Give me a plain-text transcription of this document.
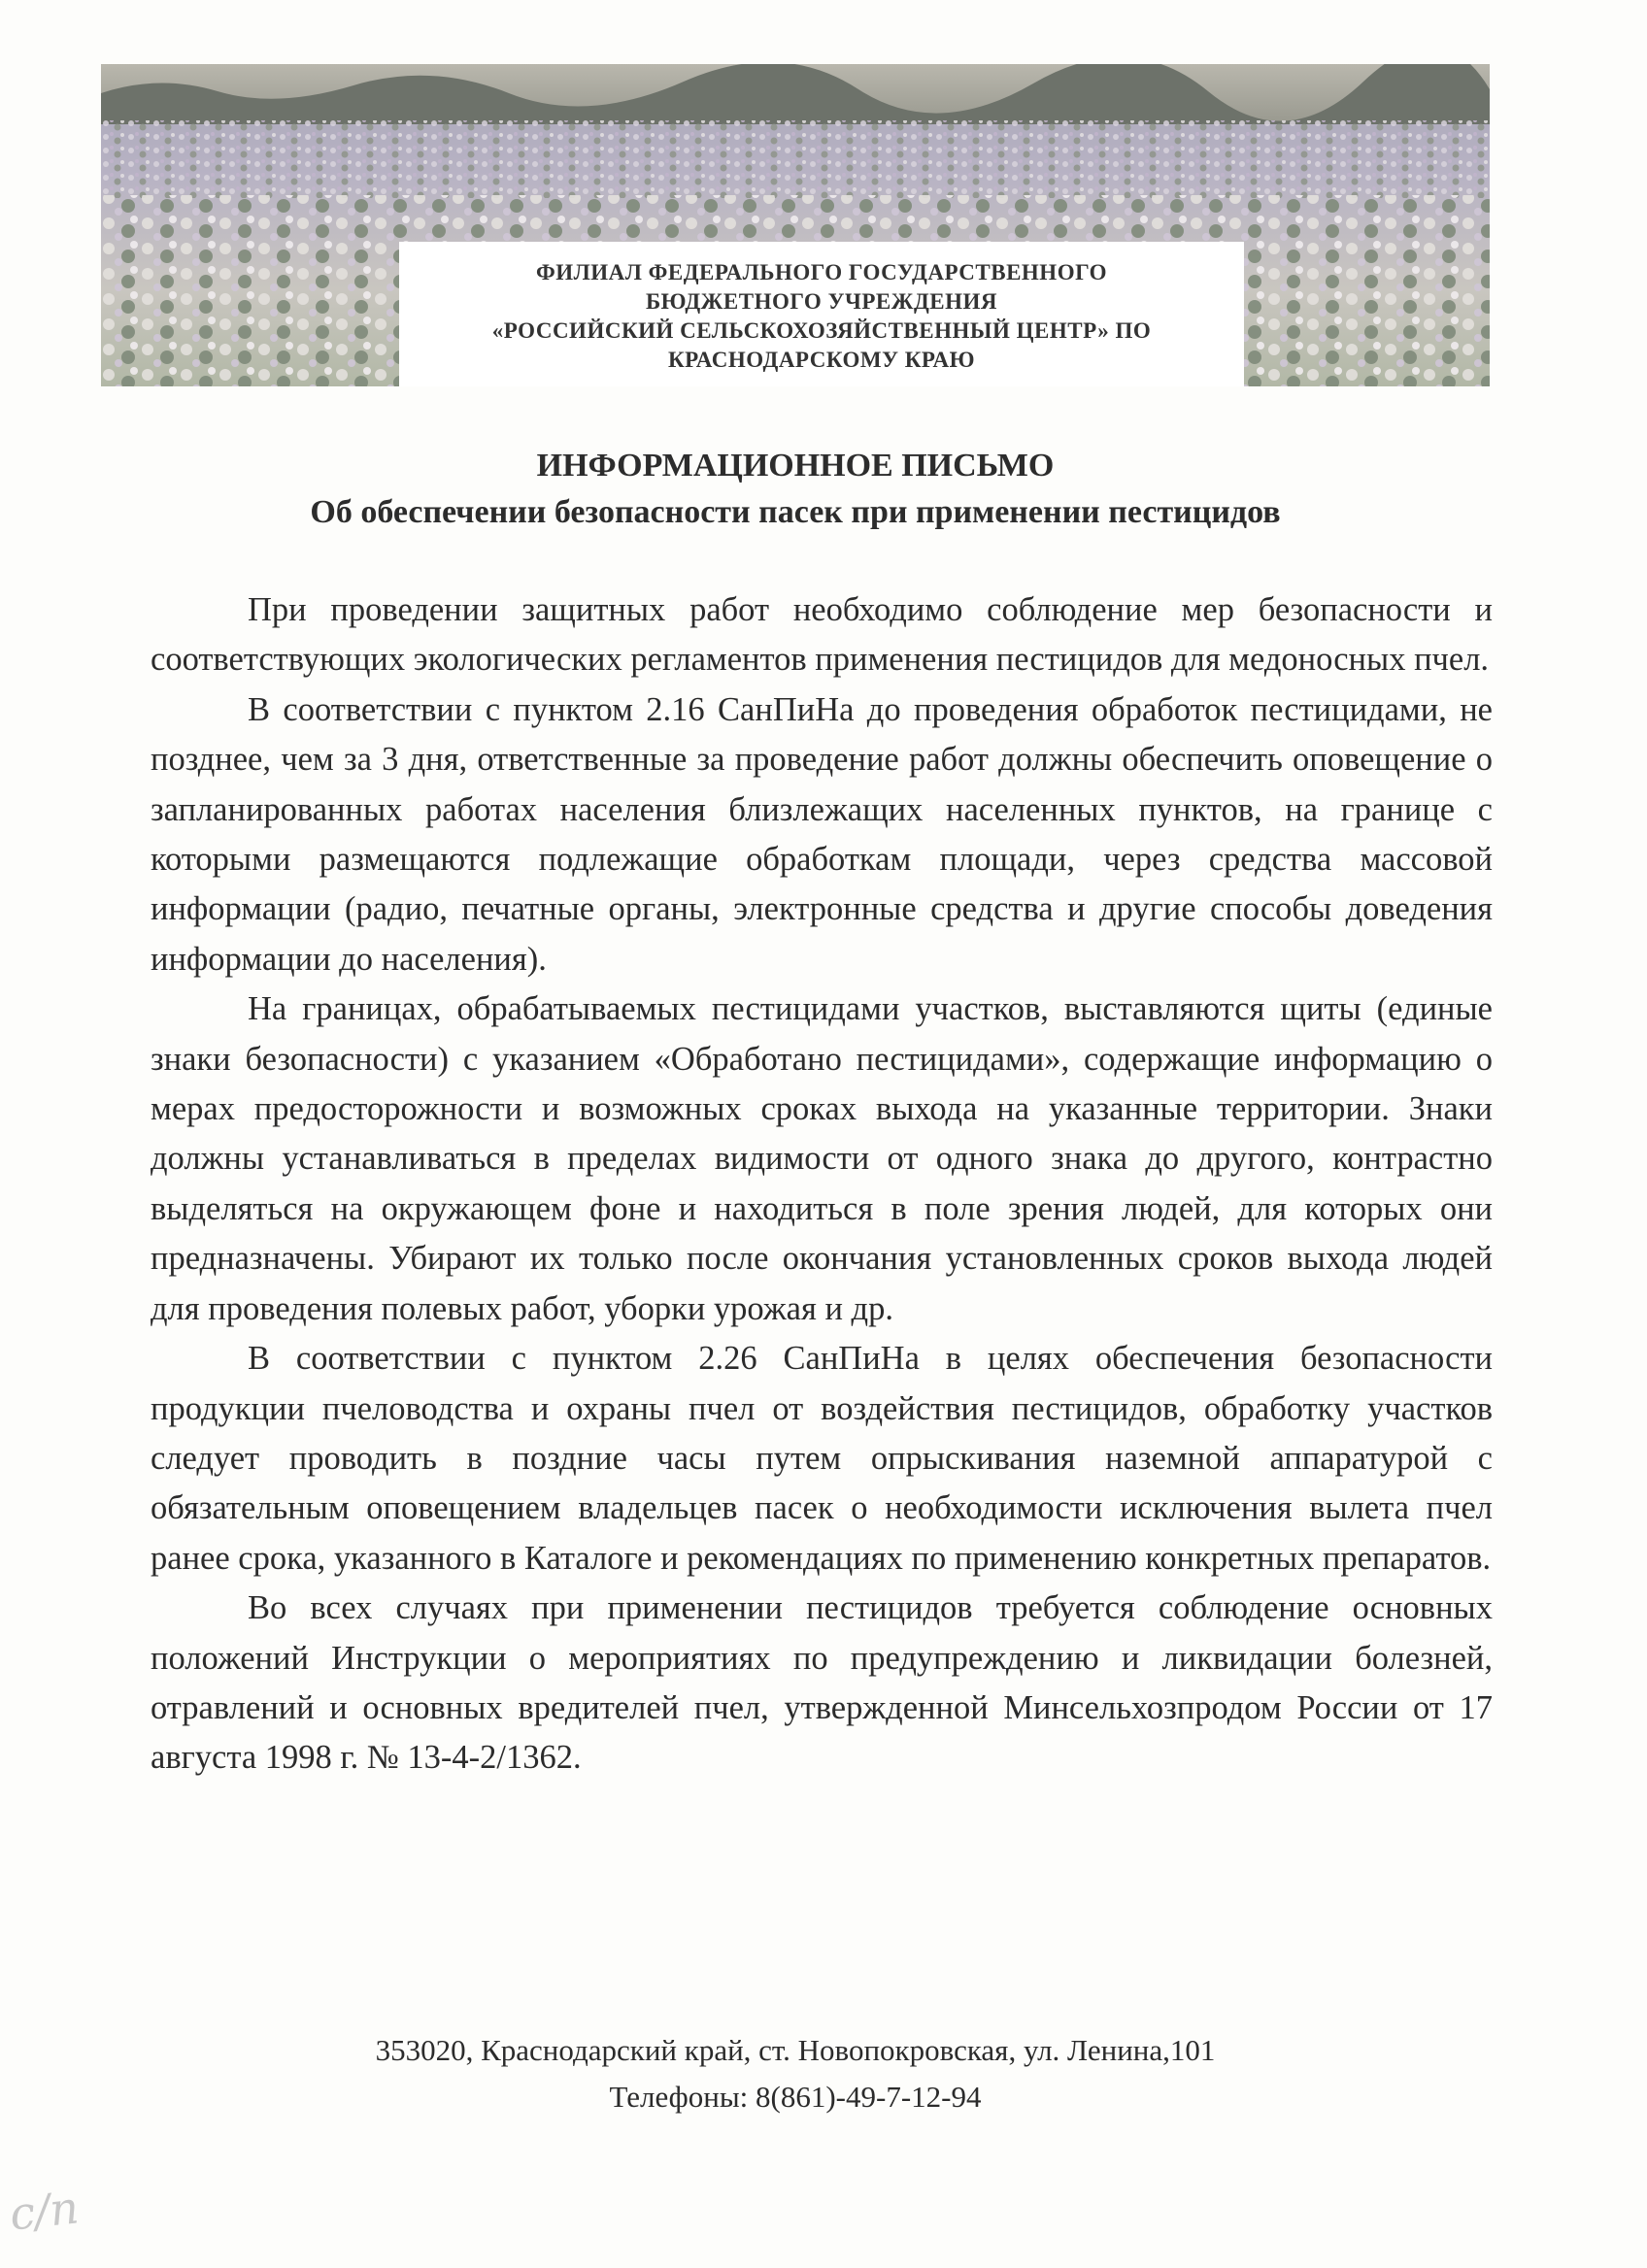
ФИЛИАЛ ФЕДЕРАЛЬНОГО ГОСУДАРСТВЕННОГО
БЮДЖЕТНОГО УЧРЕЖДЕНИЯ
«РОССИЙСКИЙ СЕЛЬСКОХОЗЯЙСТВЕННЫЙ ЦЕНТР» ПО
КРАСНОДАРСКОМУ КРАЮ
ИНФОРМАЦИОННОЕ ПИСЬМО
Об обеспечении безопасности пасек при применении пестицидов

При проведении защитных работ необходимо соблюдение мер безопасности и соответствующих экологических регламентов применения пестицидов для медоносных пчел.

В соответствии с пунктом 2.16 СанПиНа до проведения обработок пестицидами, не позднее, чем за 3 дня, ответственные за проведение работ должны обеспечить оповещение о запланированных работах населения близлежащих населенных пунктов, на границе с которыми размещаются подлежащие обработкам площади, через средства массовой информации (радио, печатные органы, электронные средства и другие способы доведения информации до населения).

На границах, обрабатываемых пестицидами участков, выставляются щиты (единые знаки безопасности) с указанием «Обработано пестицидами», содержащие информацию о мерах предосторожности и возможных сроках выхода на указанные территории. Знаки должны устанавливаться в пределах видимости от одного знака до другого, контрастно выделяться на окружающем фоне и находиться в поле зрения людей, для которых они предназначены. Убирают их только после окончания установленных сроков выхода людей для проведения полевых работ, уборки урожая и др.

В соответствии с пунктом 2.26 СанПиНа в целях обеспечения безопасности продукции пчеловодства и охраны пчел от воздействия пестицидов, обработку участков следует проводить в поздние часы путем опрыскивания наземной аппаратурой с обязательным оповещением владельцев пасек о необходимости исключения вылета пчел ранее срока, указанного в Каталоге и рекомендациях по применению конкретных препаратов.

Во всех случаях при применении пестицидов требуется соблюдение основных положений Инструкции о мероприятиях по предупреждению и ликвидации болезней, отравлений и основных вредителей пчел, утвержденной Минсельхозпродом России от 17 августа 1998 г. № 13-4-2/1362.

353020, Краснодарский край, ст. Новопокровская, ул. Ленина,101
Телефоны: 8(861)-49-7-12-94
с/п
